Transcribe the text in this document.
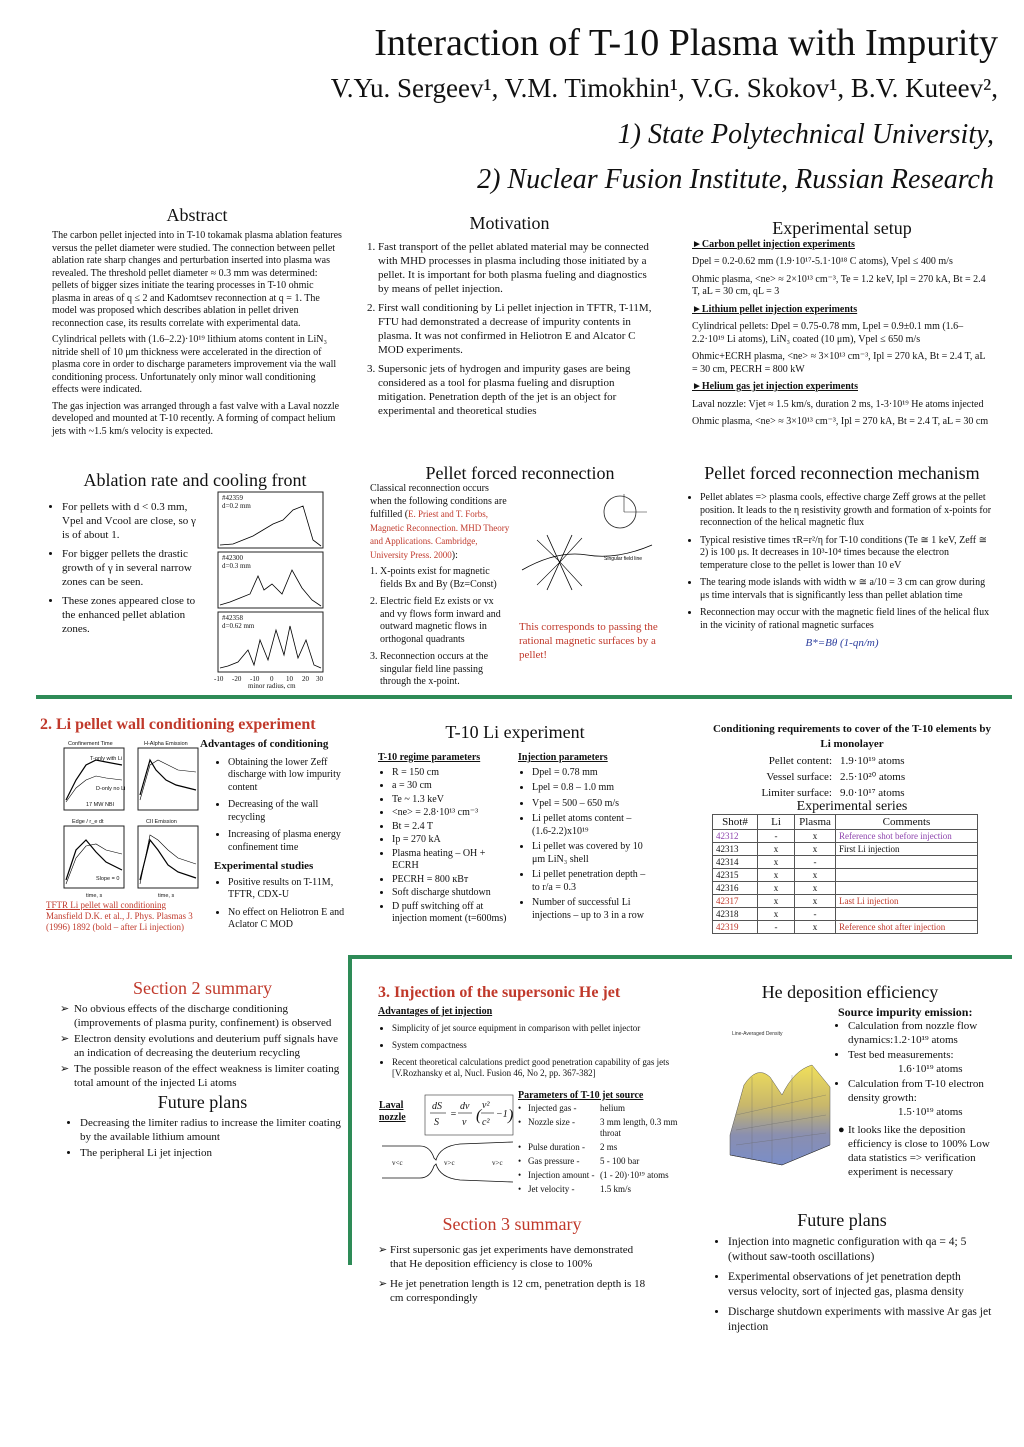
Interaction of T-10 Plasma with Impurity
V.Yu. Sergeev¹, V.M. Timokhin¹, V.G. Skokov¹, B.V. Kuteev²,
1) State Polytechnical University,
2) Nuclear Fusion Institute, Russian Research
Abstract

The carbon pellet injected into in T-10 tokamak plasma ablation features versus the pellet diameter were studied. The connection between pellet ablation rate sharp changes and perturbation inserted into plasma was revealed. The threshold pellet diameter ≈ 0.3 mm was determined: pellets of bigger sizes initiate the tearing processes in T-10 ohmic plasma in areas of q ≤ 2 and Kadomtsev reconnection at q = 1. The model was proposed which describes ablation in pellet driven reconnection case, its results correlate with experimental data.

Cylindrical pellets with (1.6–2.2)·10¹⁹ lithium atoms content in LiN₃ nitride shell of 10 μm thickness were accelerated in the direction of plasma core in order to discharge parameters improvement via the wall conditioning process. Unfortunately only minor wall conditioning effects were indicated.

The gas injection was arranged through a fast valve with a Laval nozzle developed and mounted at T-10 recently. A forming of compact helium jets with ~1.5 km/s velocity is expected.

Motivation
1. Fast transport of the pellet ablated material may be connected with MHD processes in plasma including those initiated by a pellet. It is important for both plasma fueling and diagnostics by means of pellet injection.
2. First wall conditioning by Li pellet injection in TFTR, T-11M, FTU had demonstrated a decrease of impurity contents in plasma. It was not confirmed in Heliotron E and Alcator C MOD experiments.
3. Supersonic jets of hydrogen and impurity gases are being considered as a tool for plasma fueling and disruption mitigation. Penetration depth of the jet is an object for experimental and theoretical studies
Experimental setup
►Carbon pellet injection experiments

Dpel = 0.2-0.62 mm (1.9·10¹⁷-5.1·10¹⁸ C atoms), Vpel ≤ 400 m/s

Ohmic plasma, <ne> ≈ 2×10¹³ cm⁻³, Te = 1.2 keV, Ipl = 270 kA, Bt = 2.4 T, aL = 30 cm, qL = 3

►Lithium pellet injection experiments

Cylindrical pellets: Dpel = 0.75-0.78 mm, Lpel = 0.9±0.1 mm (1.6–2.2·10¹⁹ Li atoms), LiN₃ coated (10 μm), Vpel ≤ 650 m/s

Ohmic+ECRH plasma, <ne> ≈ 3×10¹³ cm⁻³, Ipl = 270 kA, Bt = 2.4 T, aL = 30 cm, PECRH = 800 kW

►Helium gas jet injection experiments

Laval nozzle: Vjet ≈ 1.5 km/s, duration 2 ms, 1-3·10¹⁹ He atoms injected

Ohmic plasma, <ne> ≈ 3×10¹³ cm⁻³, Ipl = 270 kA, Bt = 2.4 T, aL = 30 cm

Ablation rate and cooling front
• For pellets with d < 0.3 mm, Vpel and Vcool are close, so γ is of about 1.
• For bigger pellets the drastic growth of γ in several narrow zones can be seen.
• These zones appeared close to the enhanced pellet ablation zones.
#42359
d=0.2 mm
#42300
d=0.3 mm
#42358
d=0.62 mm
-10 -20 -10 0 10 20 30
minor radius, cm
Pellet forced reconnection
Classical reconnection occurs when the following conditions are fulfilled (E. Priest and T. Forbs, Magnetic Reconnection. MHD Theory and Applications. Cambridge, University Press. 2000):
1. X-points exist for magnetic fields Bx and By (Bz=Const)
2. Electric field Ez exists or vx and vy flows form inward and outward magnetic flows in orthogonal quadrants
3. Reconnection occurs at the singular field line passing through the x-point.
Singular field line
This corresponds to passing the rational magnetic surfaces by a pellet!
Pellet forced reconnection mechanism
• Pellet ablates => plasma cools, effective charge Zeff grows at the pellet position. It leads to the η resistivity growth and formation of x-points for reconnection of the helical magnetic flux
• Typical resistive times τR=r²/η for T-10 conditions (Te ≅ 1 keV, Zeff ≅ 2) is 100 μs. It decreases in 10³-10⁴ times because the electron temperature close to the pellet is lower than 10 eV
• The tearing mode islands with width w ≅ a/10 = 3 cm can grow during μs time intervals that is significantly less than pellet ablation time
• Reconnection may occur with the magnetic field lines of the helical flux in the vicinity of rational magnetic surfaces
B*=Bθ (1-qn/m)
2. Li pellet wall conditioning experiment
Confinement Time	H-Alpha Emission
Edge / r_e dt	CII Emission
T-only with Li
D-only no Li
17 MW NBI
Slope = 0
time, s	time, s
TFTR Li pellet wall conditioning
Mansfield D.K. et al., J. Phys. Plasmas 3 (1996) 1892 (bold – after Li injection)
Advantages of conditioning
• Obtaining the lower Zeff discharge with low impurity content
• Decreasing of the wall recycling
• Increasing of plasma energy confinement time
Experimental studies
• Positive results on T-11M, TFTR, CDX-U
• No effect on Heliotron E and Aclator C MOD
T-10 Li experiment
T-10 regime parameters
• R = 150 cm
• a = 30 cm
• Te ~ 1.3 keV
• <ne> = 2.8·10¹³ cm⁻³
• Bt = 2.4 T
• Ip = 270 kA
• Plasma heating – OH + ECRH
• PECRH = 800 кВт
• Soft discharge shutdown
• D puff switching off at injection moment (t=600ms)
Injection parameters
• Dpel = 0.78 mm
• Lpel = 0.8 – 1.0 mm
• Vpel = 500 – 650 m/s
• Li pellet atoms content – (1.6-2.2)x10¹⁹
• Li pellet was covered by 10 μm LiN₃ shell
• Li pellet penetration depth – to r/a = 0.3
• Number of successful Li injections – up to 3 in a row
Conditioning requirements to cover of the T-10 elements by Li monolayer
Pellet content: 1.9·10¹⁹ atoms
Vessel surface: 2.5·10²⁰ atoms
Limiter surface: 9.0·10¹⁷ atoms
Experimental series
Shot#	Li	Plasma	Comments
42312	-	x	Reference shot before injection
42313	x	x	First Li injection
42314	x	-	
42315	x	x	
42316	x	x	
42317	x	x	Last Li injection
42318	x	-	
42319	-	x	Reference shot after injection
Section 2 summary
➢ No obvious effects of the discharge conditioning (improvements of plasma purity, confinement) is observed
➢ Electron density evolutions and deuterium puff signals have an indication of decreasing the deuterium recycling
➢ The possible reason of the effect weakness is limiter coating total amount of the injected Li atoms
Future plans
• Decreasing the limiter radius to increase the limiter coating by the available lithium amount
• The peripheral Li jet injection
3. Injection of the supersonic He jet
Advantages of jet injection
• Simplicity of jet source equipment in comparison with pellet injector
• System compactness
• Recent theoretical calculations predict good penetration capability of gas jets [V.Rozhansky et al, Nucl. Fusion 46, No 2, pp. 367-382]
Laval nozzle
dS
S
=
dv
v (
v²
c²
−1 )
v<c	v>c	v>c
Parameters of T-10 jet source
• Injected gas -	helium
• Nozzle size -	3 mm length, 0.3 mm throat
• Pulse duration -	2 ms
• Gas pressure -	5 - 100 bar
• Injection amount - (1 - 20)·10¹⁹ atoms
• Jet velocity -	1.5 km/s
He deposition efficiency
Line-Averaged Density
Source impurity emission:
• Calculation from nozzle flow dynamics:1.2·10¹⁹ atoms
• Test bed measurements:
1.6·10¹⁹ atoms
• Calculation from T-10 electron density growth:
1.5·10¹⁹ atoms
● It looks like the deposition efficiency is close to 100% Low data statistics => verification experiment is necessary
Section 3 summary
➢ First supersonic gas jet experiments have demonstrated that He deposition efficiency is close to 100%
➢ He jet penetration length is 12 cm, penetration depth is 18 cm correspondingly
Future plans
• Injection into magnetic configuration with qa = 4; 5 (without saw-tooth oscillations)
• Experimental observations of jet penetration depth versus velocity, sort of injected gas, plasma density
• Discharge shutdown experiments with massive Ar gas jet injection
